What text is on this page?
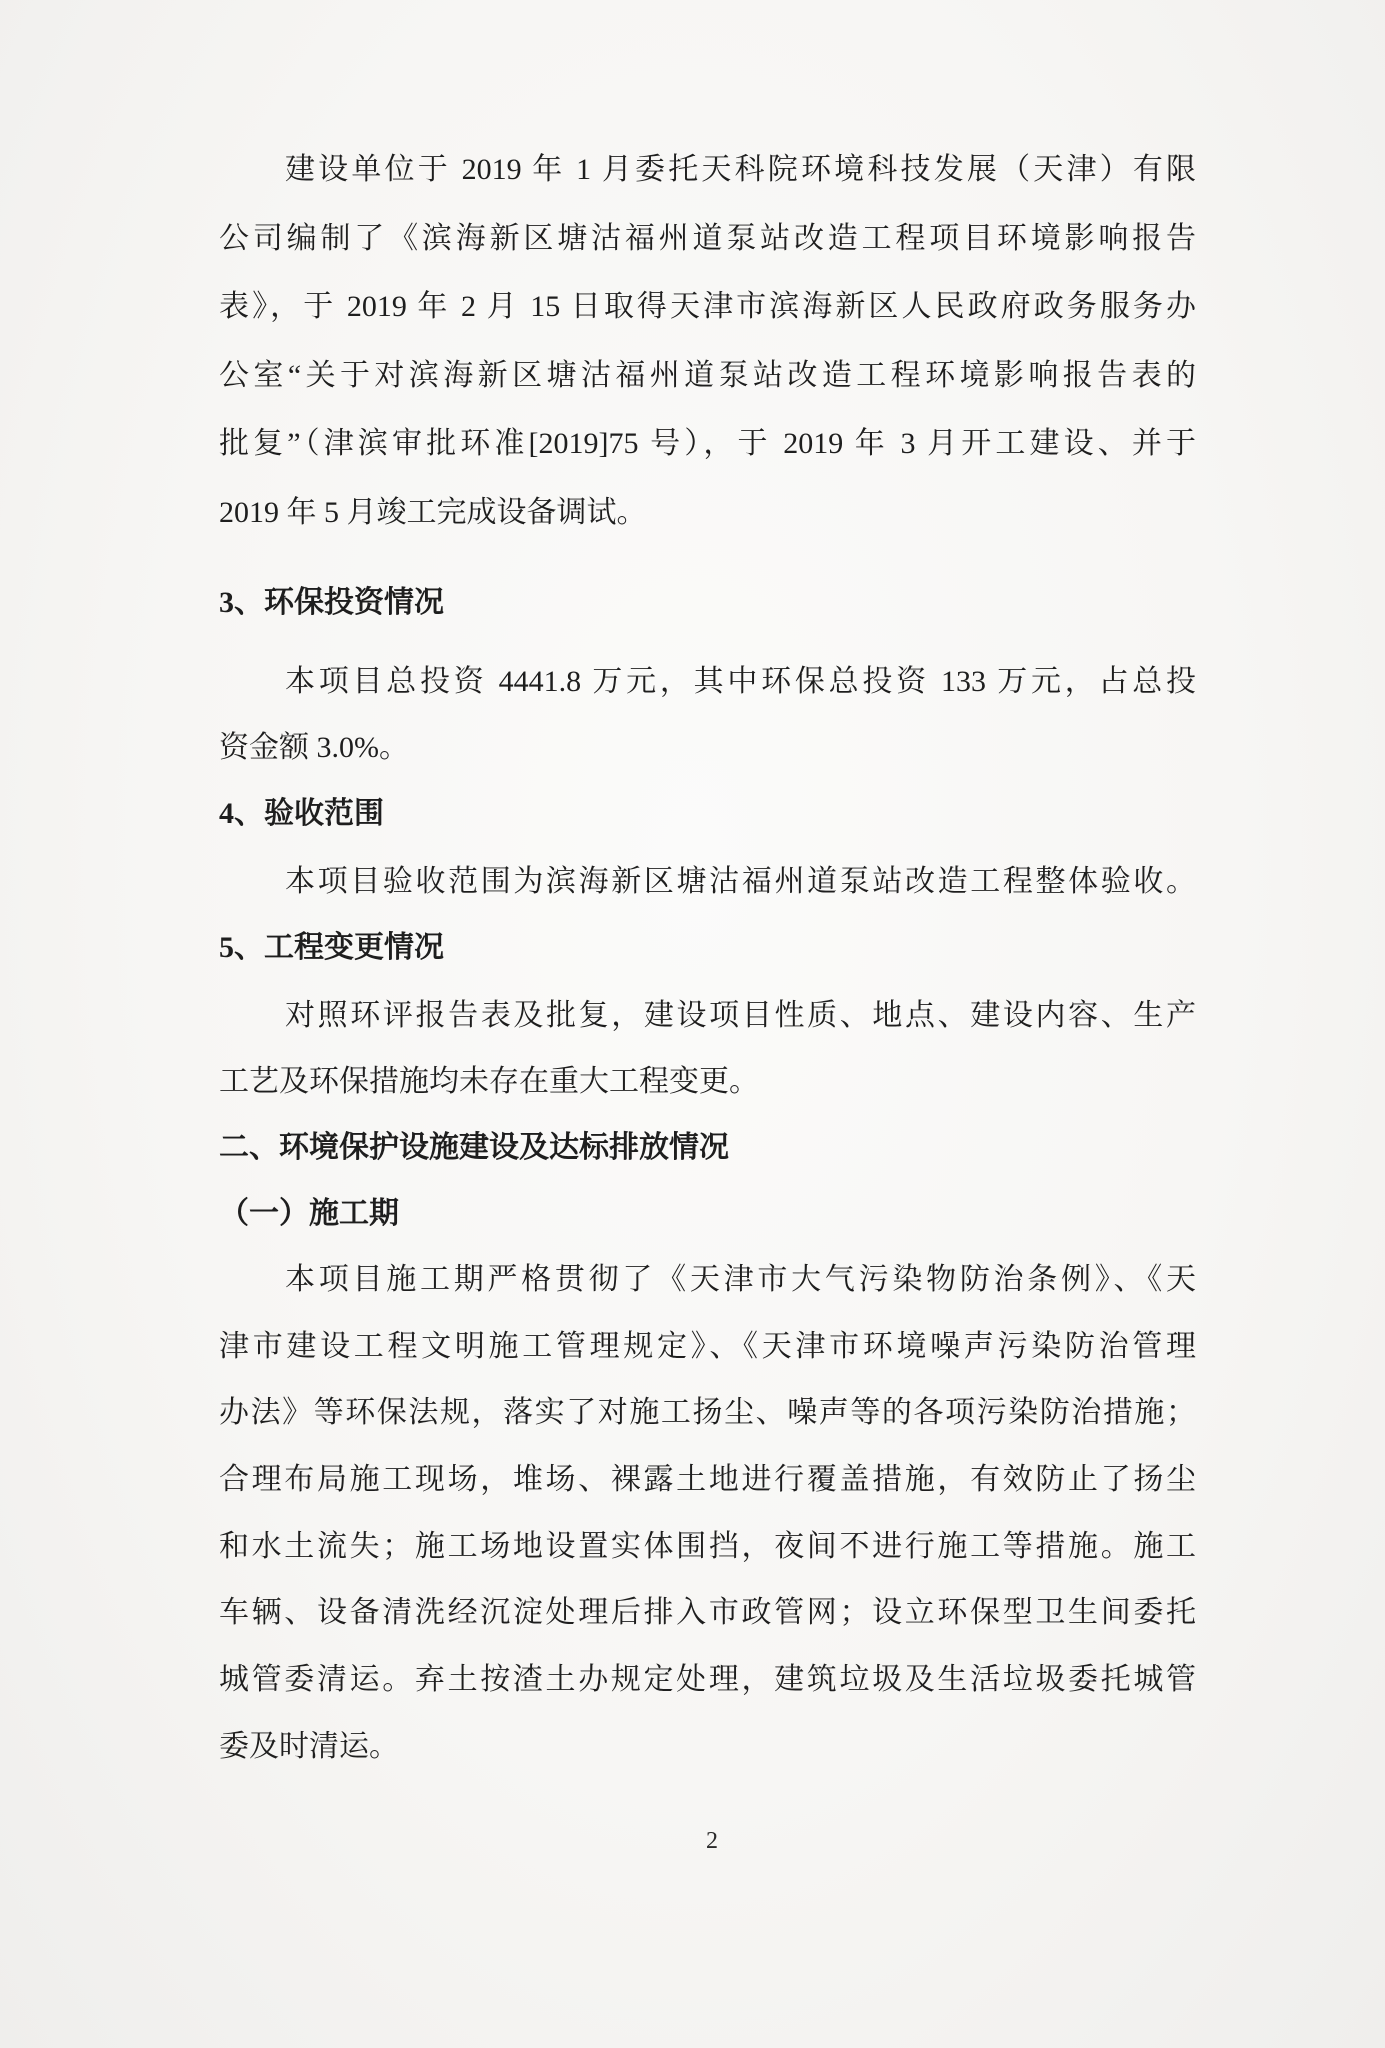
建设单位于 2019 年 1 月委托天科院环境科技发展（天津）有限
公司编制了《滨海新区塘沽福州道泵站改造工程项目环境影响报告
表》，于 2019 年 2 月 15 日取得天津市滨海新区人民政府政务服务办
公室“关于对滨海新区塘沽福州道泵站改造工程环境影响报告表的
批复”（津滨审批环准[2019]75 号），于 2019 年 3 月开工建设、并于
2019 年 5 月竣工完成设备调试。
3、环保投资情况
本项目总投资 4441.8 万元，其中环保总投资 133 万元，占总投
资金额 3.0%。
4、验收范围
本项目验收范围为滨海新区塘沽福州道泵站改造工程整体验收。
5、工程变更情况
对照环评报告表及批复，建设项目性质、地点、建设内容、生产
工艺及环保措施均未存在重大工程变更。
二、环境保护设施建设及达标排放情况
（一）施工期
本项目施工期严格贯彻了《天津市大气污染物防治条例》、《天
津市建设工程文明施工管理规定》、《天津市环境噪声污染防治管理
办法》等环保法规，落实了对施工扬尘、噪声等的各项污染防治措施；
合理布局施工现场，堆场、裸露土地进行覆盖措施，有效防止了扬尘
和水土流失；施工场地设置实体围挡，夜间不进行施工等措施。施工
车辆、设备清洗经沉淀处理后排入市政管网；设立环保型卫生间委托
城管委清运。弃土按渣土办规定处理，建筑垃圾及生活垃圾委托城管
委及时清运。
2
